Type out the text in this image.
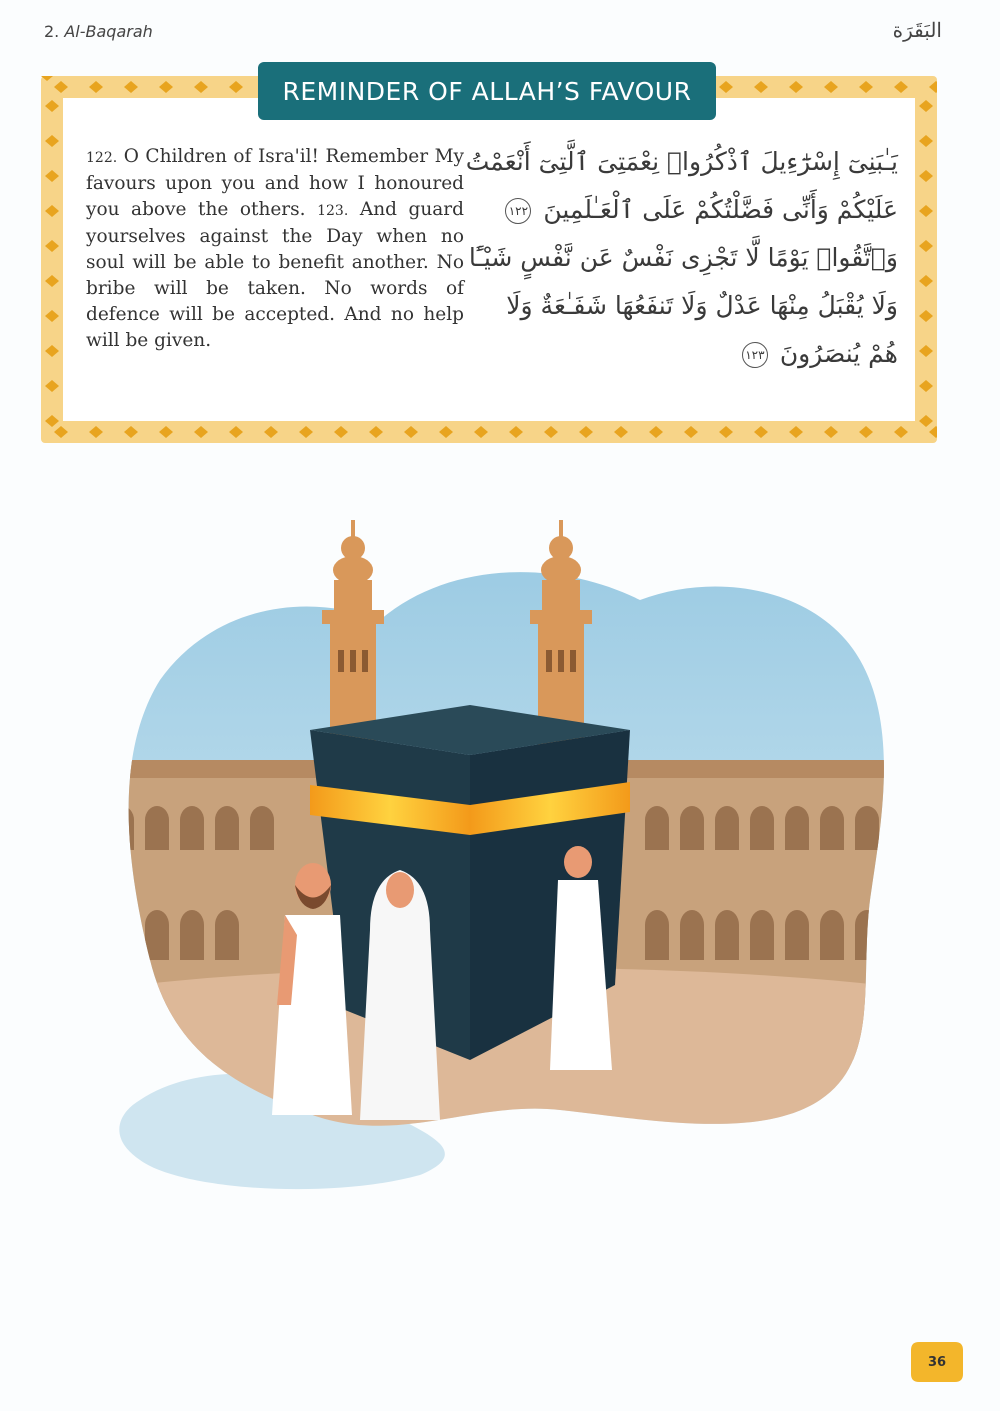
2. Al-Baqarah	البَقَرَة
REMINDER OF ALLAH’S FAVOUR
122. O Children of Isra'il! Remember My favours upon you and how I honoured you above the others. 123. And guard yourselves against the Day when no soul will be able to benefit another. No bribe will be taken. No words of defence will be accepted. And no help will be given.
يَـٰبَنِىٓ إِسْرَٰٓءِيلَ ٱذْكُرُوا۟ نِعْمَتِىَ ٱلَّتِىٓ أَنْعَمْتُ
عَلَيْكُمْ وَأَنِّى فَضَّلْتُكُمْ عَلَى ٱلْعَـٰلَمِينَ ١٢٢
وَٱتَّقُوا۟ يَوْمًا لَّا تَجْزِى نَفْسٌ عَن نَّفْسٍ شَيْـًٔا
وَلَا يُقْبَلُ مِنْهَا عَدْلٌ وَلَا تَنفَعُهَا شَفَـٰعَةٌ وَلَا
هُمْ يُنصَرُونَ ١٢٣
36
